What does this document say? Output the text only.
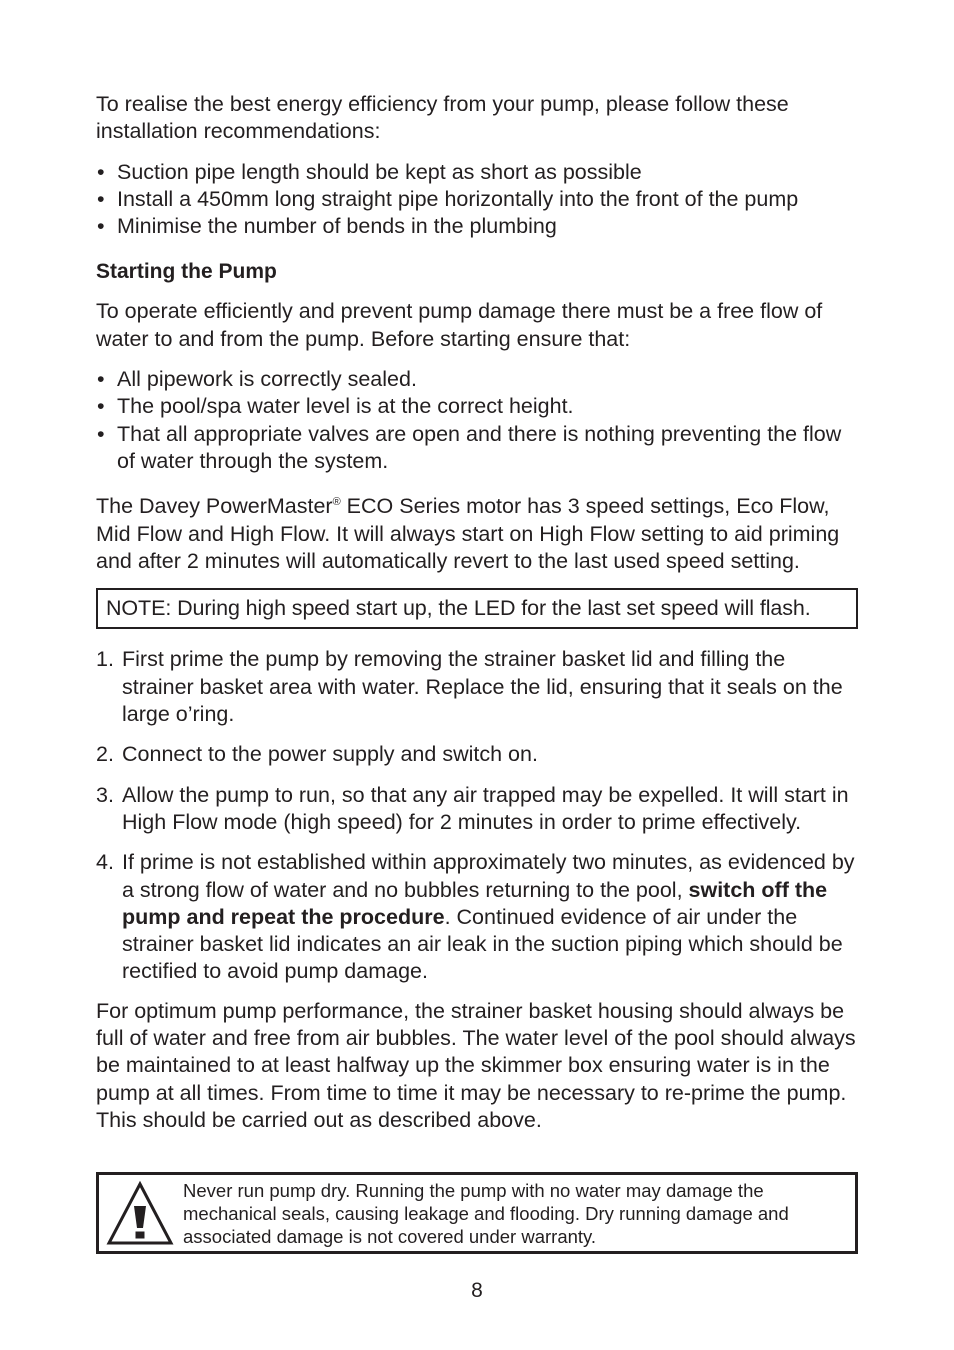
To realise the best energy efficiency from your pump, please follow these installation recommendations:

• Suction pipe length should be kept as short as possible
• Install a 450mm long straight pipe horizontally into the front of the pump
• Minimise the number of bends in the plumbing
Starting the Pump

To operate efficiently and prevent pump damage there must be a free flow of water to and from the pump. Before starting ensure that:

• All pipework is correctly sealed.
• The pool/spa water level is at the correct height.
• That all appropriate valves are open and there is nothing preventing the flow of water through the system.

The Davey PowerMaster® ECO Series motor has 3 speed settings, Eco Flow, Mid Flow and High Flow. It will always start on High Flow setting to aid priming and after 2 minutes will automatically revert to the last used speed setting.

NOTE: During high speed start up, the LED for the last set speed will flash.
1. First prime the pump by removing the strainer basket lid and filling the strainer basket area with water. Replace the lid, ensuring that it seals on the large o’ring.
2. Connect to the power supply and switch on.
3. Allow the pump to run, so that any air trapped may be expelled. It will start in High Flow mode (high speed) for 2 minutes in order to prime effectively.
4. If prime is not established within approximately two minutes, as evidenced by a strong flow of water and no bubbles returning to the pool, switch off the pump and repeat the procedure. Continued evidence of air under the strainer basket lid indicates an air leak in the suction piping which should be rectified to avoid pump damage.

For optimum pump performance, the strainer basket housing should always be full of water and free from air bubbles. The water level of the pool should always be maintained to at least halfway up the skimmer box ensuring water is in the pump at all times. From time to time it may be necessary to re-prime the pump. This should be carried out as described above.

Never run pump dry. Running the pump with no water may damage the mechanical seals, causing leakage and flooding. Dry running damage and associated damage is not covered under warranty.
8
